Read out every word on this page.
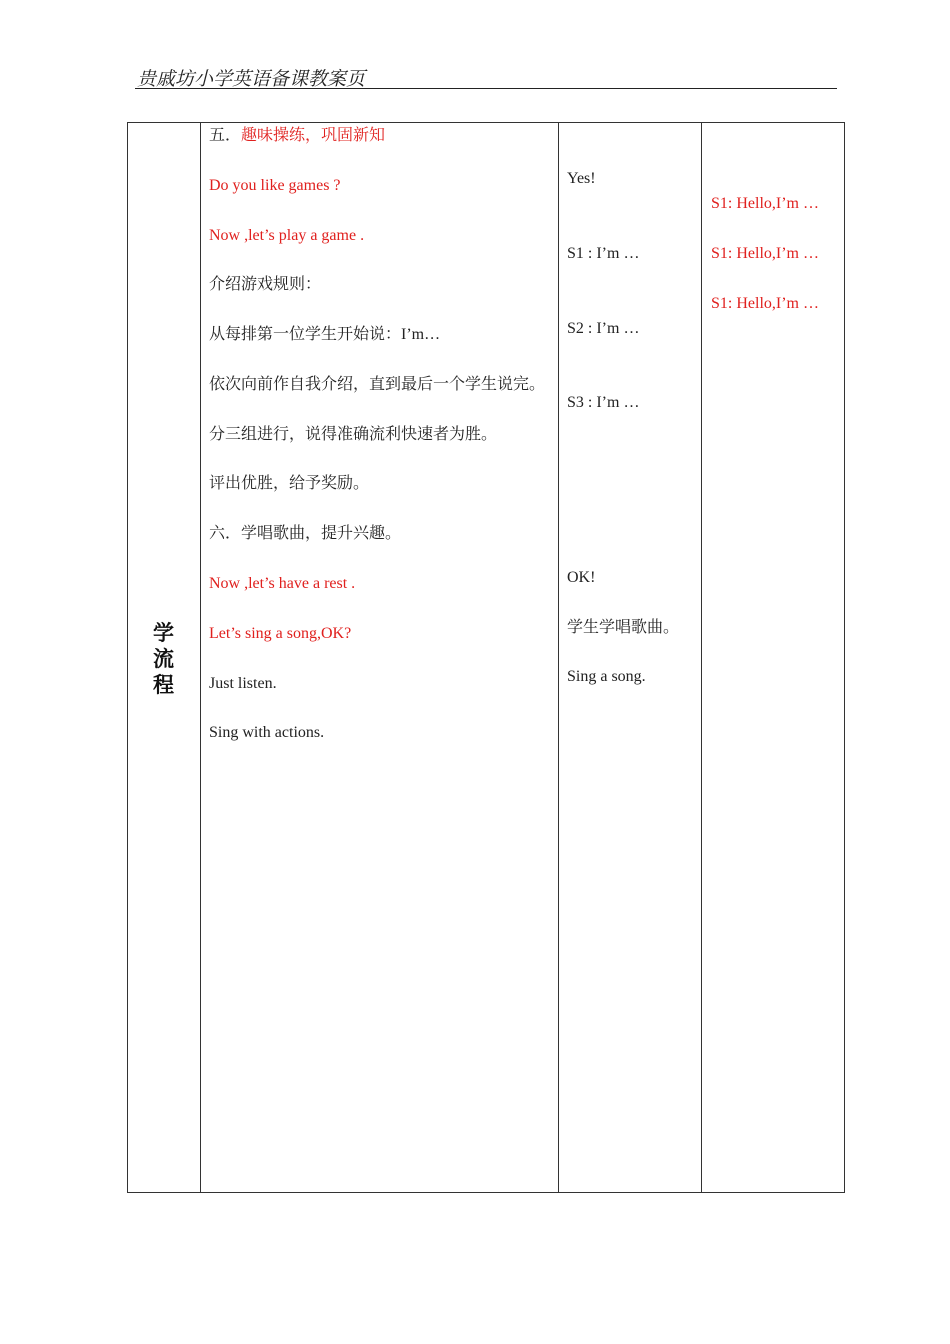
贵戚坊小学英语备课教案页
学
流
程
五．趣味操练，巩固新知
Do you like games ?
Now ,let’s play a game .
介绍游戏规则：
从每排第一位学生开始说：I’m…
依次向前作自我介绍，直到最后一个学生说完。
分三组进行，说得准确流利快速者为胜。
评出优胜，给予奖励。
六．学唱歌曲，提升兴趣。
Now ,let’s have a rest .
Let’s sing a song,OK?
Just listen.
Sing with actions.
Yes!
S1 : I’m …
S2 : I’m …
S3 : I’m …
OK!
学生学唱歌曲。
Sing a song.
S1: Hello,I’m …
S1: Hello,I’m …
S1: Hello,I’m …
